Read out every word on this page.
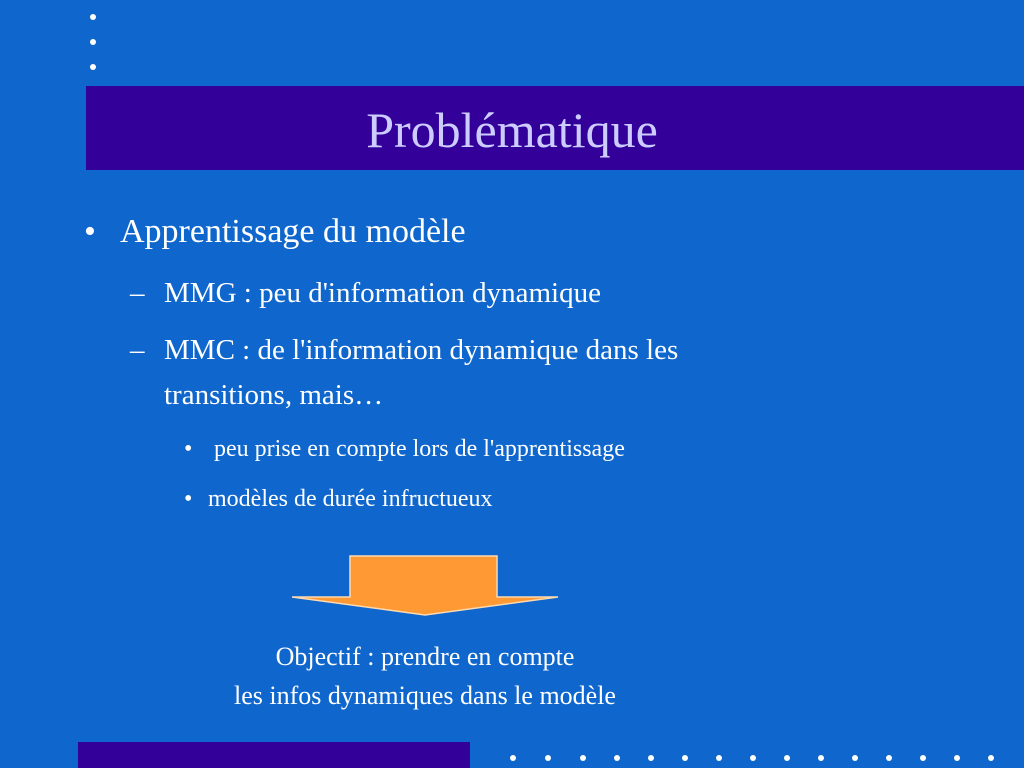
Problématique
• Apprentissage du modèle
– MMG : peu d'information dynamique
– MMC : de l'information dynamique dans les
transitions, mais…
• peu prise en compte lors de l'apprentissage
• modèles de durée infructueux
Objectif : prendre en compte
les infos dynamiques dans le modèle
